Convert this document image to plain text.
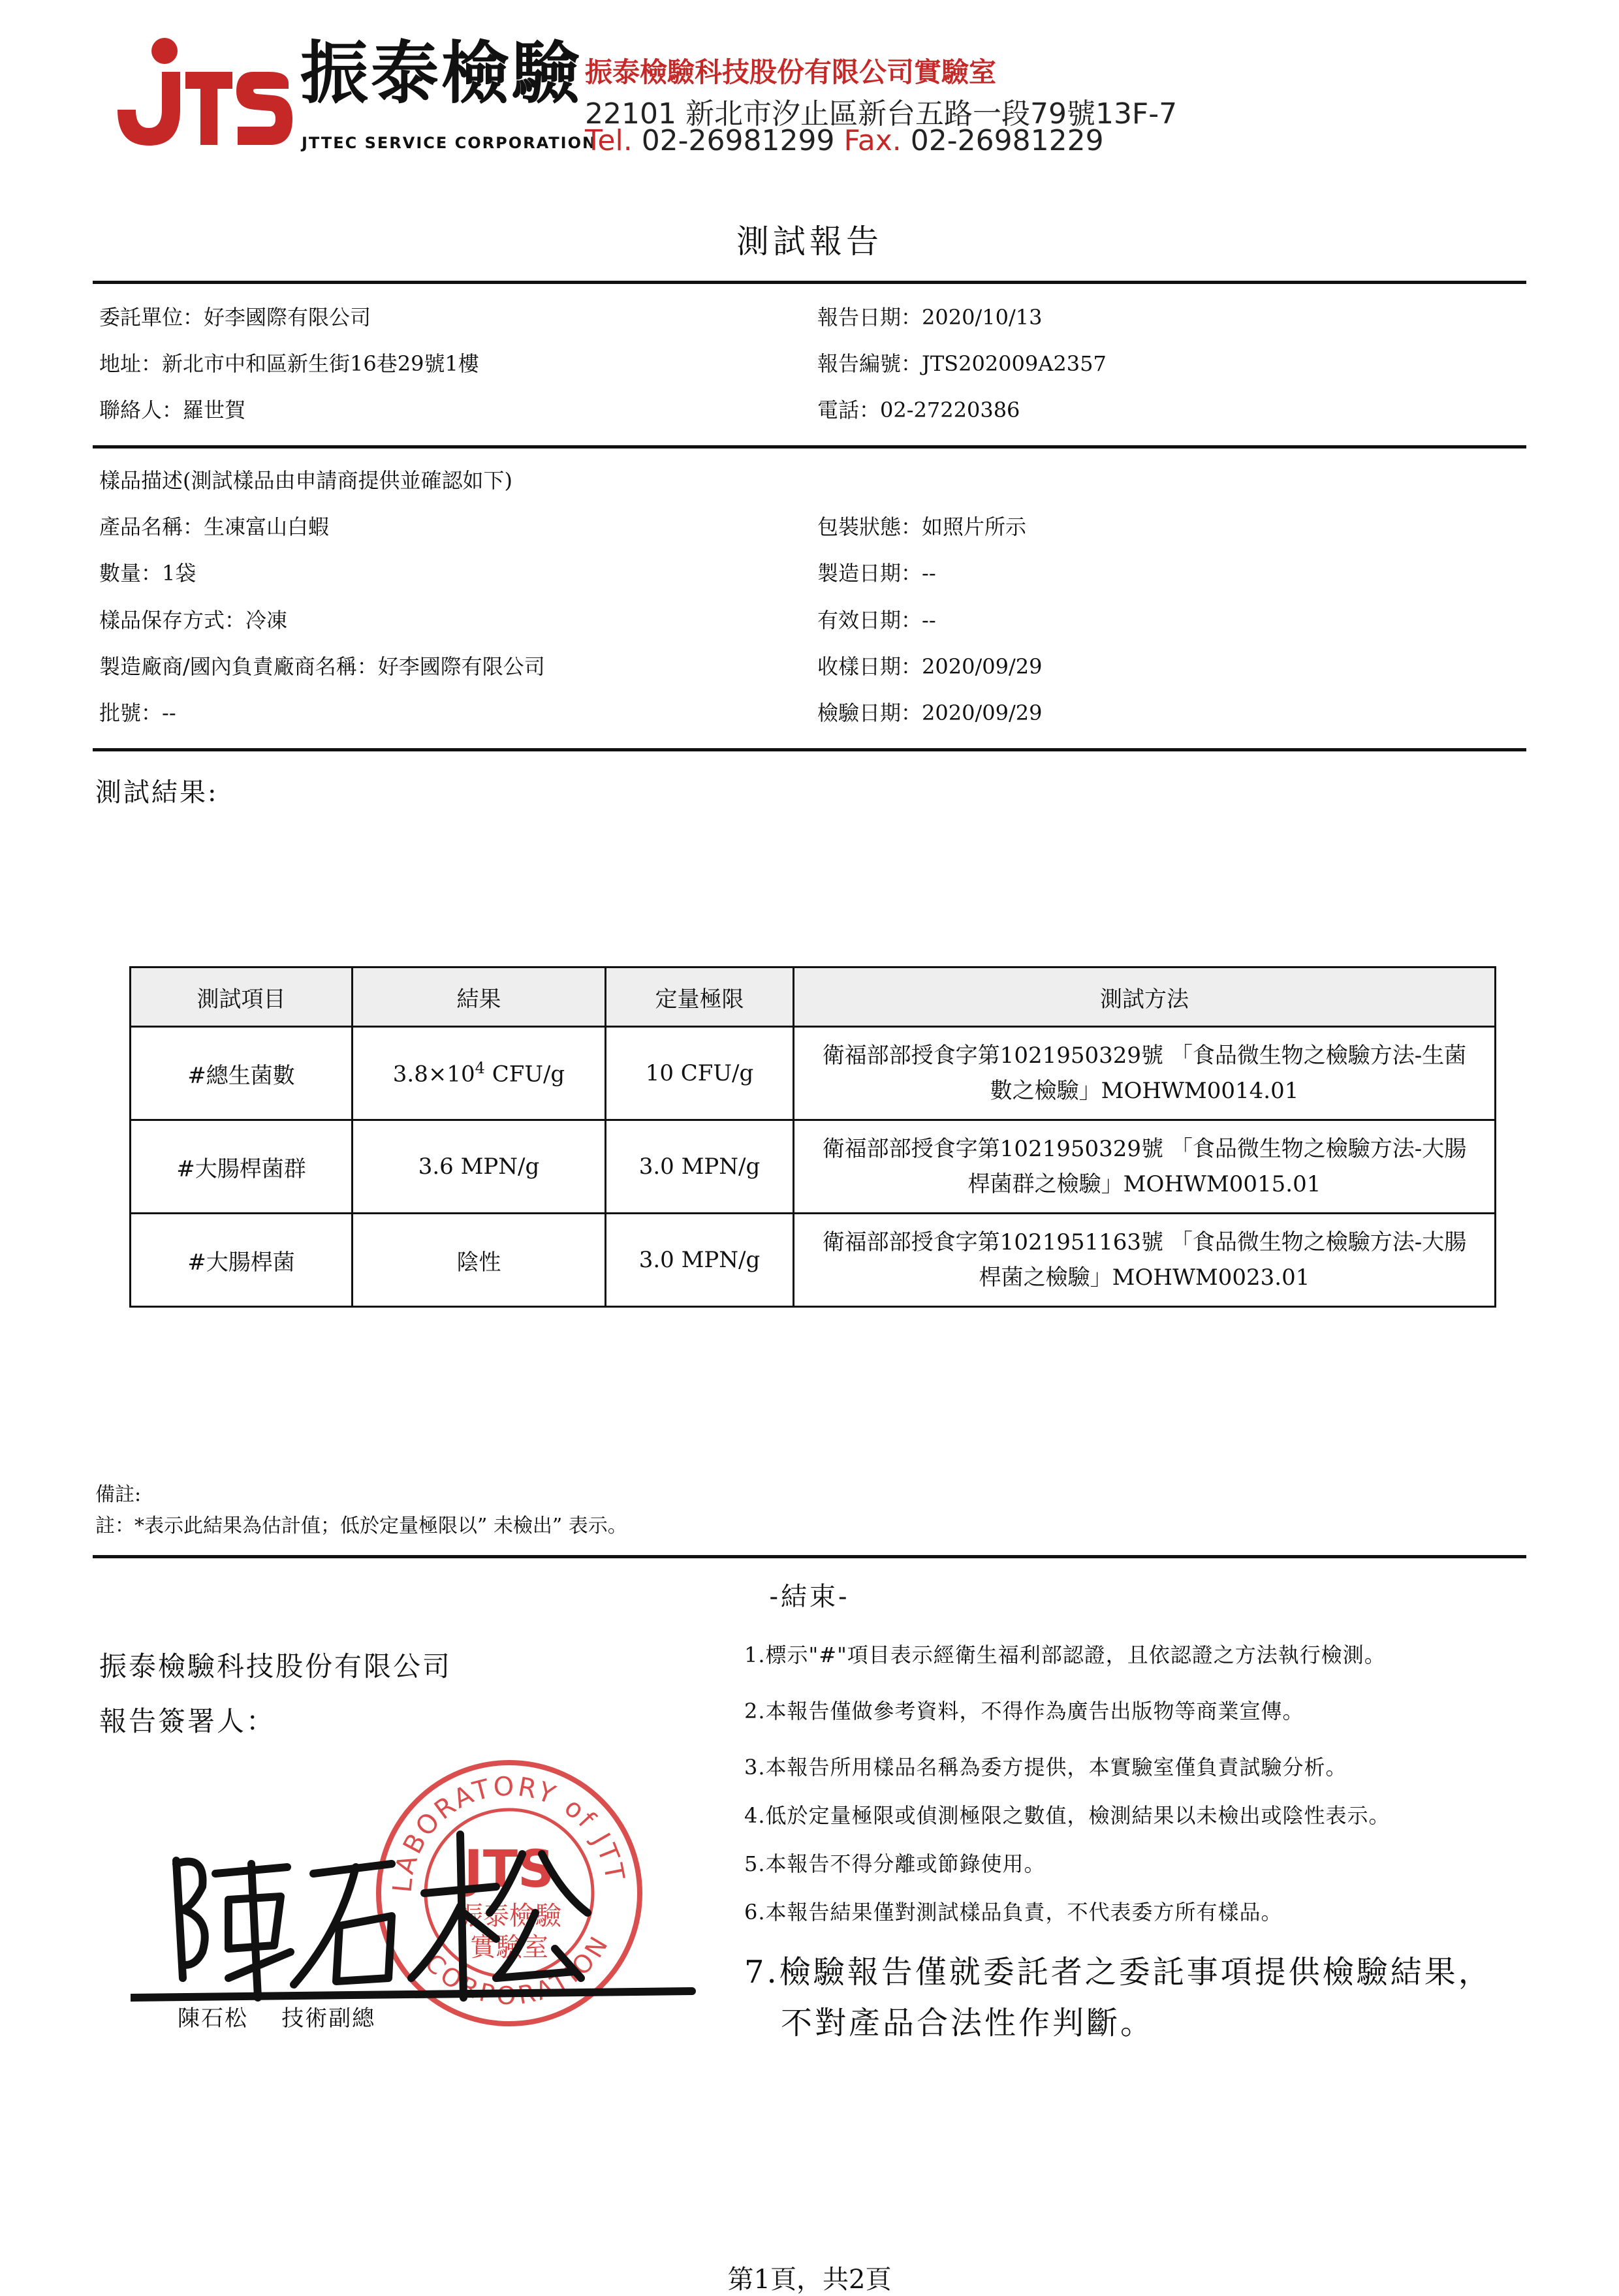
振泰檢驗
JTTEC SERVICE CORPORATION
振泰檢驗科技股份有限公司實驗室
22101 新北市汐止區新台五路一段79號13F-7
Tel. 02-26981299 Fax. 02-26981229
測試報告
委託單位：好李國際有限公司
地址：新北市中和區新生街16巷29號1樓
聯絡人：羅世賀
報告日期：2020/10/13
報告編號：JTS202009A2357
電話：02-27220386
樣品描述(測試樣品由申請商提供並確認如下)
產品名稱：生凍富山白蝦
數量：1袋
樣品保存方式：冷凍
製造廠商/國內負責廠商名稱：好李國際有限公司
批號：--
包裝狀態：如照片所示
製造日期：--
有效日期：--
收樣日期：2020/09/29
檢驗日期：2020/09/29
測試結果:
測試項目	結果	定量極限	測試方法
#總生菌數	$3.8\times 10^4$ CFU/g	10 CFU/g	衛福部部授食字第1021950329號 「食品微生物之檢驗方法-生菌
數之檢驗」MOHWM0014.01

#大腸桿菌群	3.6 MPN/g	3.0 MPN/g	衛福部部授食字第1021950329號 「食品微生物之檢驗方法-大腸
桿菌群之檢驗」MOHWM0015.01

#大腸桿菌	陰性	3.0 MPN/g	衛福部部授食字第1021951163號 「食品微生物之檢驗方法-大腸
桿菌之檢驗」MOHWM0023.01
備註:
註：*表示此結果為估計值；低於定量極限以” 未檢出” 表示。
-結束-
振泰檢驗科技股份有限公司
報告簽署人：
LABORATORY of JTT
CORPORATION
JTS
振泰檢驗
實驗室
陳石松    技術副總
1.標示"#"項目表示經衛生福利部認證，且依認證之方法執行檢測。
2.本報告僅做參考資料，不得作為廣告出版物等商業宣傳。
3.本報告所用樣品名稱為委方提供，本實驗室僅負責試驗分析。
4.低於定量極限或偵測極限之數值，檢測結果以未檢出或陰性表示。
5.本報告不得分離或節錄使用。
6.本報告結果僅對測試樣品負責，不代表委方所有樣品。
7.檢驗報告僅就委託者之委託事項提供檢驗結果，
不對產品合法性作判斷。
第1頁，共2頁
